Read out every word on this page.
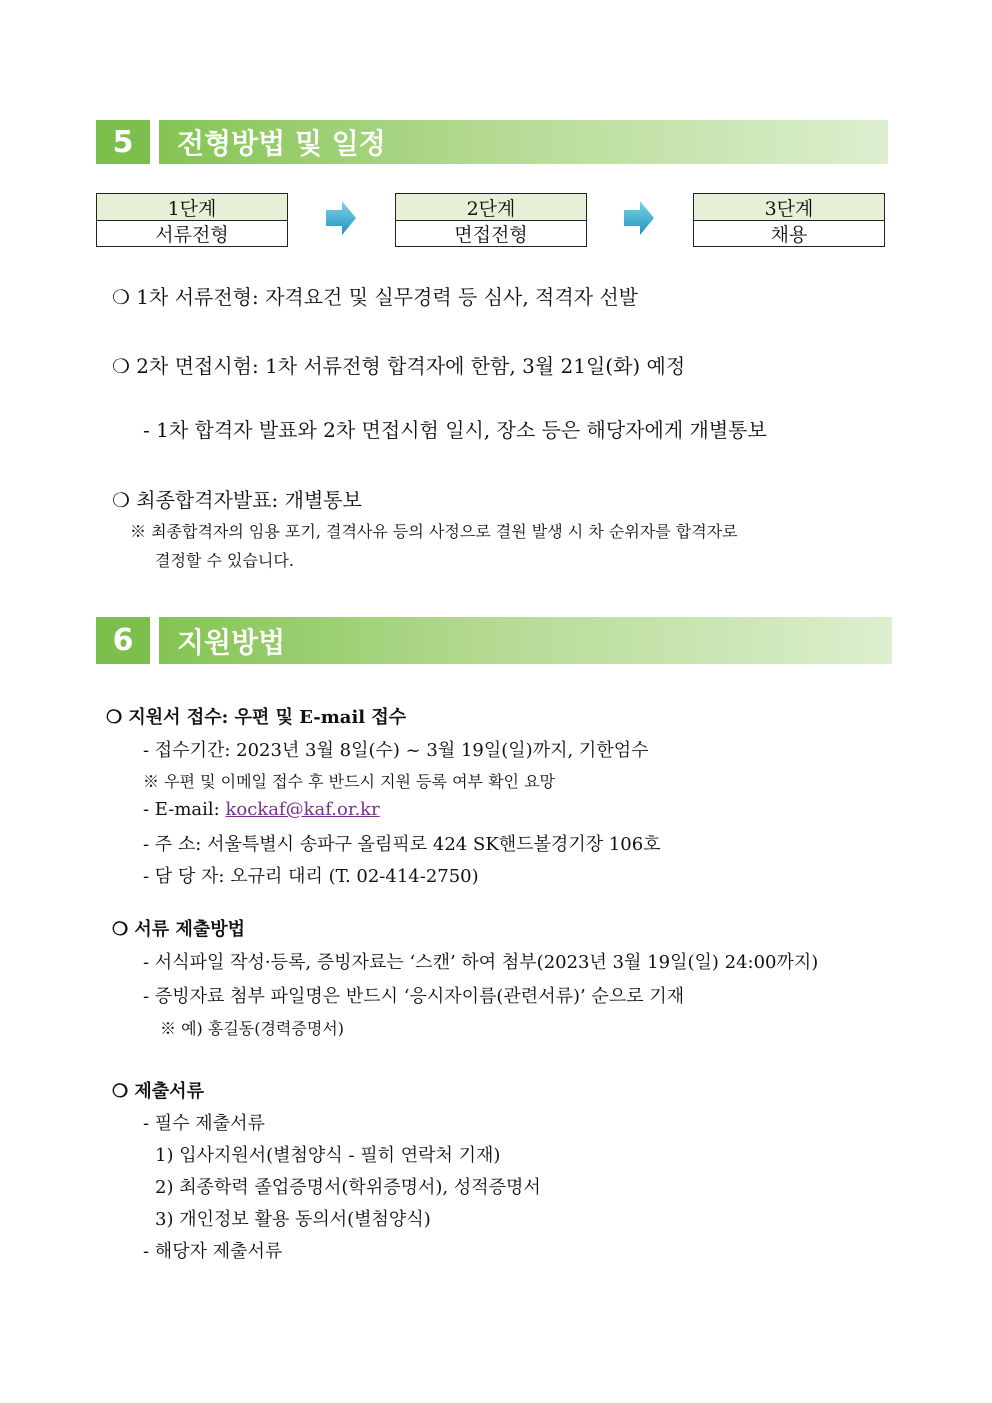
5	전형방법 및 일정
1단계
서류전형
2단계
면접전형
3단계
채용
❍ 1차 서류전형: 자격요건 및 실무경력 등 심사, 적격자 선발
❍ 2차 면접시험: 1차 서류전형 합격자에 한함, 3월 21일(화) 예정
- 1차 합격자 발표와 2차 면접시험 일시, 장소 등은 해당자에게 개별통보
❍ 최종합격자발표: 개별통보
※ 최종합격자의 임용 포기, 결격사유 등의 사정으로 결원 발생 시 차 순위자를 합격자로
결정할 수 있습니다.
6	지원방법
❍ 지원서 접수: 우편 및 E-mail 접수
- 접수기간: 2023년 3월 8일(수) ~ 3월 19일(일)까지, 기한엄수
※ 우편 및 이메일 접수 후 반드시 지원 등록 여부 확인 요망
- E-mail: kockaf@kaf.or.kr
- 주 소: 서울특별시 송파구 올림픽로 424 SK핸드볼경기장 106호
- 담 당 자: 오규리 대리 (T. 02-414-2750)
❍ 서류 제출방법
- 서식파일 작성·등록, 증빙자료는 ‘스캔’ 하여 첨부(2023년 3월 19일(일) 24:00까지)
- 증빙자료 첨부 파일명은 반드시 ‘응시자이름(관련서류)’ 순으로 기재
※ 예) 홍길동(경력증명서)
❍ 제출서류
- 필수 제출서류
1) 입사지원서(별첨양식 - 필히 연락처 기재)
2) 최종학력 졸업증명서(학위증명서), 성적증명서
3) 개인정보 활용 동의서(별첨양식)
- 해당자 제출서류
